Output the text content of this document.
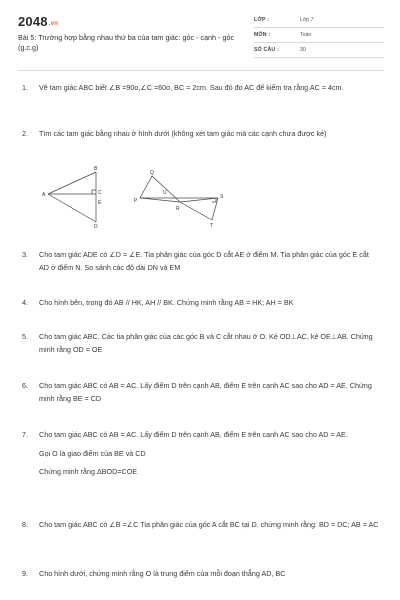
2048.vn
Bài 5: Trường hợp bằng nhau thứ ba của tam giác: góc - cạnh - góc (g.c.g)
LỚP :	Lớp 7
MÔN :	Toán
SỐ CÂU :	30
1.	Vẽ tam giác ABC biết ∠B =90o,∠C =60o, BC = 2cm. Sau đó đo AC để kiểm tra rằng AC = 4cm.
2.	Tìm các tam giác bằng nhau ở hình dưới (không xét tam giác mà các cạnh chưa được kẻ)
A
B
C
D
E	P
Q
R
S
T
U
3.	Cho tam giác ADE có ∠D = ∠E. Tia phân giác của góc D cắt AE ở điểm M. Tia phân giác của góc E cắt AD ở điểm N. So sánh các độ dài DN và EM
4.	Cho hình bên, trong đó AB // HK, AH // BK. Chứng minh rằng AB = HK; AH = BK
5.	Cho tam giác ABC. Các tia phân giác của các góc B và C cắt nhau ở O. Kẻ OD⊥AC, kẻ OE⊥AB. Chứng minh rằng OD = OE
6.	Cho tam giác ABC có AB = AC. Lấy điểm D trên cạnh AB, điểm E trên cạnh AC sao cho AD = AE. Chứng minh rằng BE = CD
7.	Cho tam giác ABC có AB = AC. Lấy điểm D trên cạnh AB, điểm E trên cạnh AC sao cho AD = AE.
Gọi O là giao điểm của BE và CD
Chứng minh rằng ΔBOD=COE
8.	Cho tam giác ABC có ∠B =∠C Tia phân giác của góc A cắt BC tại D. chứng minh rằng: BD = DC; AB = AC
9.	Cho hình dưới, chứng minh rằng O là trung điểm của mỗi đoạn thẳng AD, BC
